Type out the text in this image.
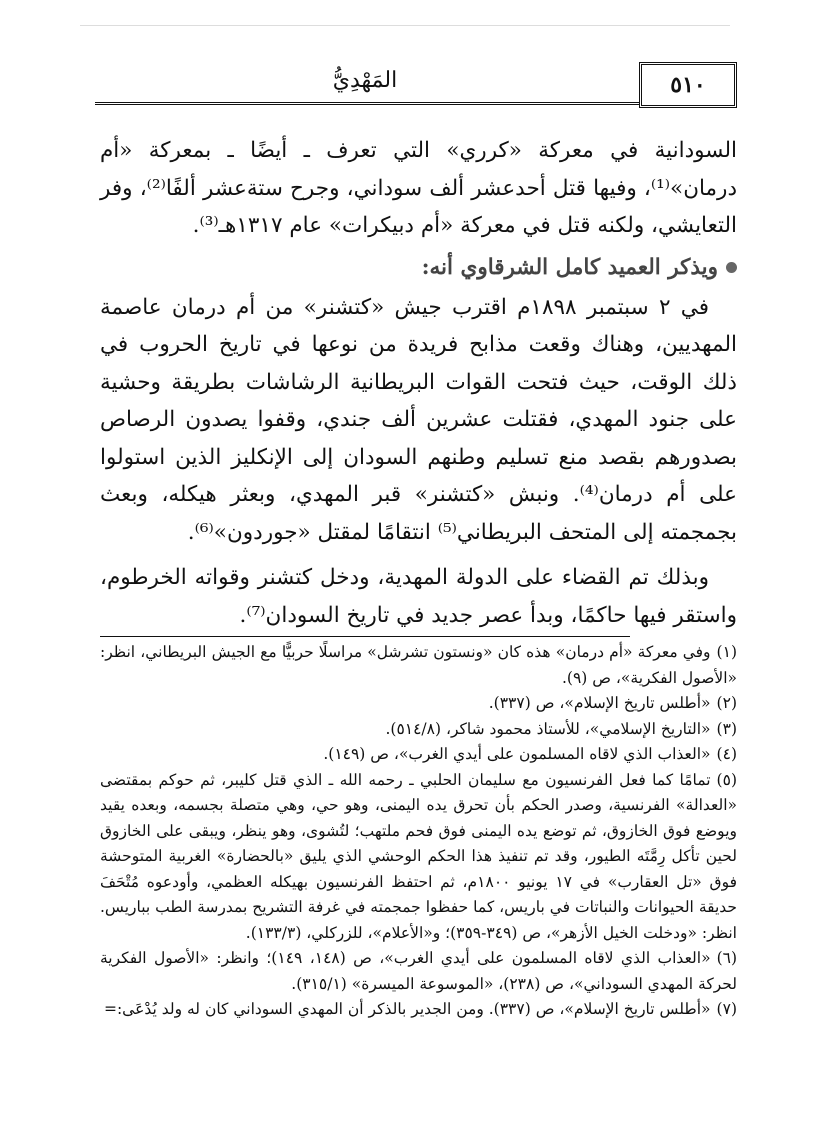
٥١٠
المَهْدِيُّ

السودانية في معركة «كرري» التي تعرف ـ أيضًا ـ بمعركة «أم درمان»⁽¹⁾، وفيها قتل أحدعشر ألف سوداني، وجرح ستةعشر ألفًا⁽²⁾، وفر التعايشي، ولكنه قتل في معركة «أم دبيكرات» عام ١٣١٧هـ⁽³⁾.

ويذكر العميد كامل الشرقاوي أنه:

في ٢ سبتمبر ١٨٩٨م اقترب جيش «كتشنر» من أم درمان عاصمة المهديين، وهناك وقعت مذابح فريدة من نوعها في تاريخ الحروب في ذلك الوقت، حيث فتحت القوات البريطانية الرشاشات بطريقة وحشية على جنود المهدي، فقتلت عشرين ألف جندي، وقفوا يصدون الرصاص بصدورهم بقصد منع تسليم وطنهم السودان إلى الإنكليز الذين استولوا على أم درمان⁽⁴⁾. ونبش «كتشنر» قبر المهدي، وبعثر هيكله، وبعث بجمجمته إلى المتحف البريطاني⁽⁵⁾ انتقامًا لمقتل «جوردون»⁽⁶⁾.

وبذلك تم القضاء على الدولة المهدية، ودخل كتشنر وقواته الخرطوم، واستقر فيها حاكمًا، وبدأ عصر جديد في تاريخ السودان⁽⁷⁾.

(١)وفي معركة «أم درمان» هذه كان «ونستون تشرشل» مراسلًا حربيًّا مع الجيش البريطاني، انظر: «الأصول الفكرية»، ص (٩).

(٢)«أطلس تاريخ الإسلام»، ص (٣٣٧).

(٣)«التاريخ الإسلامي»، للأستاذ محمود شاكر، (٥١٤/٨).

(٤)«العذاب الذي لاقاه المسلمون على أيدي الغرب»، ص (١٤٩).

(٥)تمامًا كما فعل الفرنسيون مع سليمان الحلبي ـ رحمه الله ـ الذي قتل كليبر، ثم حوكم بمقتضى «العدالة» الفرنسية، وصدر الحكم بأن تحرق يده اليمنى، وهو حي، وهي متصلة بجسمه، وبعده يقيد ويوضع فوق الخازوق، ثم توضع يده اليمنى فوق فحم ملتهب؛ لتُشوى، وهو ينظر، ويبقى على الخازوق لحين تأكل رِمَّتَه الطيور، وقد تم تنفيذ هذا الحكم الوحشي الذي يليق «بالحضارة» الغربية المتوحشة فوق «تل العقارب» في ١٧ يونيو ١٨٠٠م، ثم احتفظ الفرنسيون بهيكله العظمي، وأودعوه مُتْحَفَ حديقة الحيوانات والنباتات في باريس، كما حفظوا جمجمته في غرفة التشريح بمدرسة الطب بباريس. انظر: «ودخلت الخيل الأزهر»، ص (٣٤٩-٣٥٩)؛ و«الأعلام»، للزركلي، (١٣٣/٣).

(٦)«العذاب الذي لاقاه المسلمون على أيدي الغرب»، ص (١٤٨، ١٤٩)؛ وانظر: «الأصول الفكرية لحركة المهدي السوداني»، ص (٢٣٨)، «الموسوعة الميسرة» (٣١٥/١).

(٧)«أطلس تاريخ الإسلام»، ص (٣٣٧). ومن الجدير بالذكر أن المهدي السوداني كان له ولد يُدْعَى:=
